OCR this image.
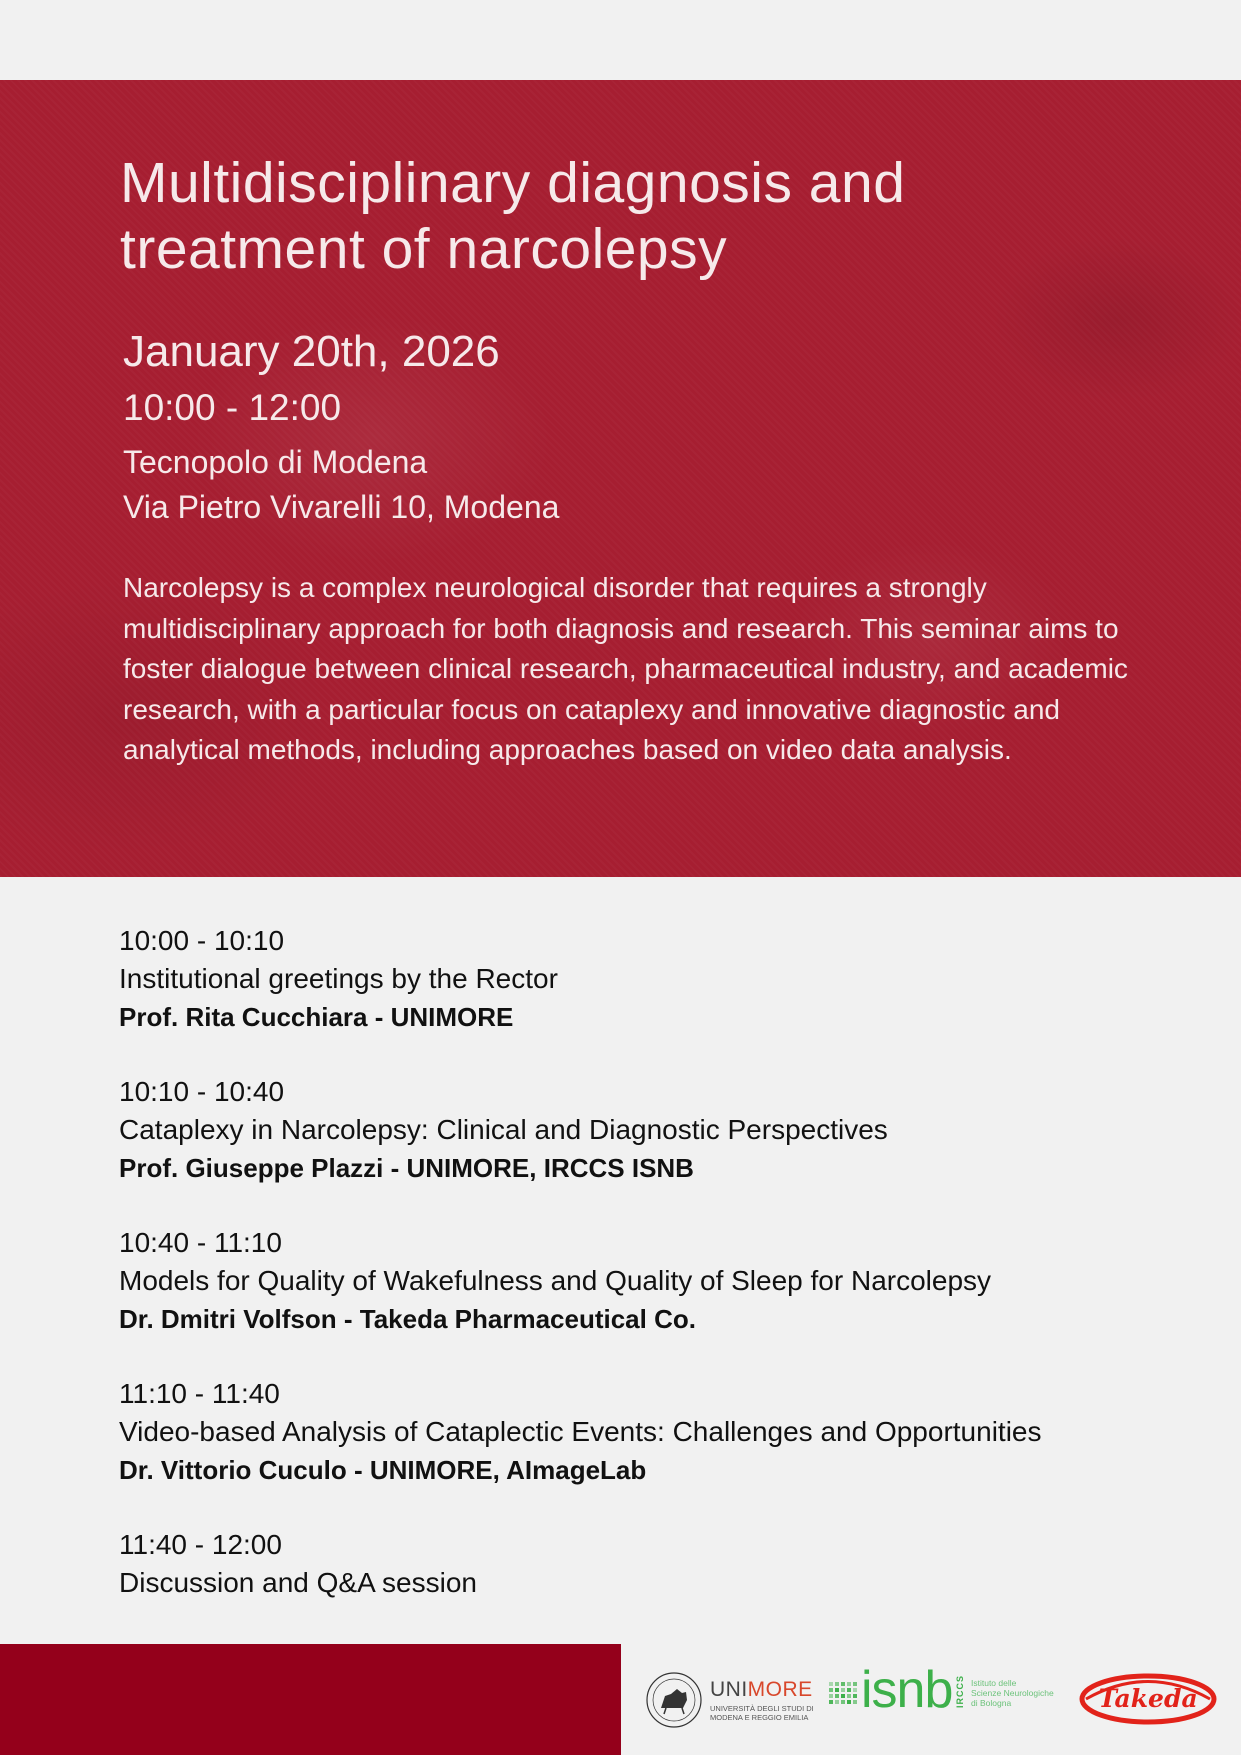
Multidisciplinary diagnosis and
treatment of narcolepsy
January 20th, 2026
10:00 - 12:00
Tecnopolo di Modena
Via Pietro Vivarelli 10, Modena

Narcolepsy is a complex neurological disorder that requires a strongly multidisciplinary approach for both diagnosis and research. This seminar aims to foster dialogue between clinical research, pharmaceutical industry, and academic research, with a particular focus on cataplexy and innovative diagnostic and analytical methods, including approaches based on video data analysis.

10:00 - 10:10
Institutional greetings by the Rector
Prof. Rita Cucchiara - UNIMORE
10:10 - 10:40
Cataplexy in Narcolepsy: Clinical and Diagnostic Perspectives
Prof. Giuseppe Plazzi - UNIMORE, IRCCS ISNB
10:40 - 11:10
Models for Quality of Wakefulness and Quality of Sleep for Narcolepsy
Dr. Dmitri Volfson - Takeda Pharmaceutical Co.
11:10 - 11:40
Video-based Analysis of Cataplectic Events: Challenges and Opportunities
Dr. Vittorio Cuculo - UNIMORE, AImageLab
11:40 - 12:00
Discussion and Q&A session
UNIMORE
UNIVERSITÀ DEGLI STUDI DI
MODENA E REGGIO EMILIA isnb IRCCS Istituto delle
Scienze Neurologiche
di Bologna	Takeda
